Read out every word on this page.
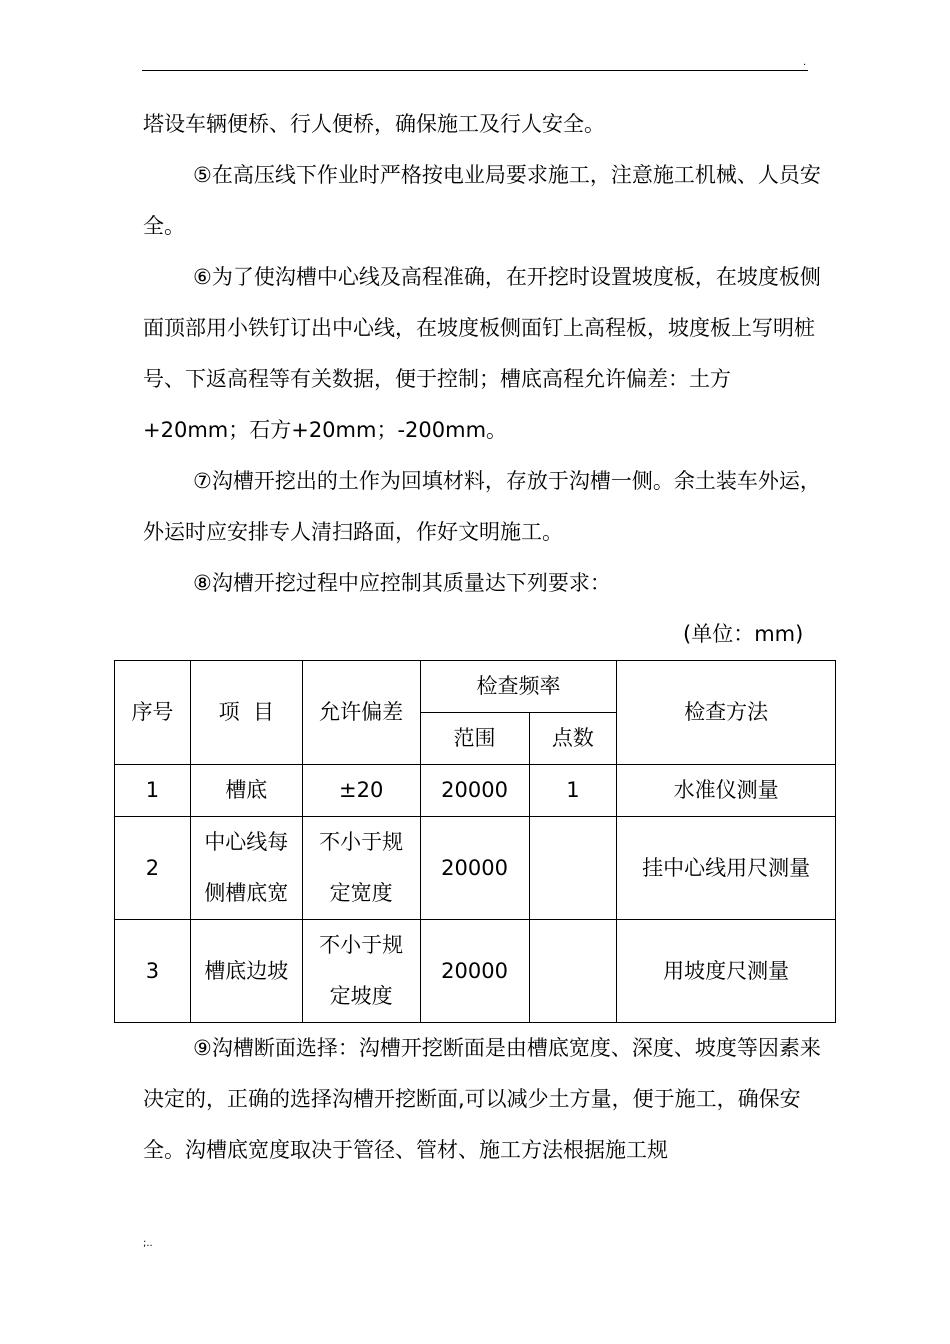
.

塔设车辆便桥、行人便桥，确保施工及行人安全。

⑤在高压线下作业时严格按电业局要求施工，注意施工机械、人员安全。

⑥为了使沟槽中心线及高程准确，在开挖时设置坡度板，在坡度板侧面顶部用小铁钉订出中心线，在坡度板侧面钉上高程板，坡度板上写明桩号、下返高程等有关数据，便于控制；槽底高程允许偏差：土方+20mm；石方+20mm；-200mm。

⑦沟槽开挖出的土作为回填材料，存放于沟槽一侧。余土装车外运，外运时应安排专人清扫路面，作好文明施工。

⑧沟槽开挖过程中应控制其质量达下列要求：

(单位：mm)

序号	项  目	允许偏差	检查频率		检查方法
			范围	点数	
1	槽底	±20	20000	1	水准仪测量
2	中心线每侧槽底宽	不小于规定宽度	20000		挂中心线用尺测量
3	槽底边坡	不小于规定坡度	20000		用坡度尺测量

⑨沟槽断面选择：沟槽开挖断面是由槽底宽度、深度、坡度等因素来决定的，正确的选择沟槽开挖断面,可以减少土方量，便于施工，确保安全。沟槽底宽度取决于管径、管材、施工方法根据施工规

;..
